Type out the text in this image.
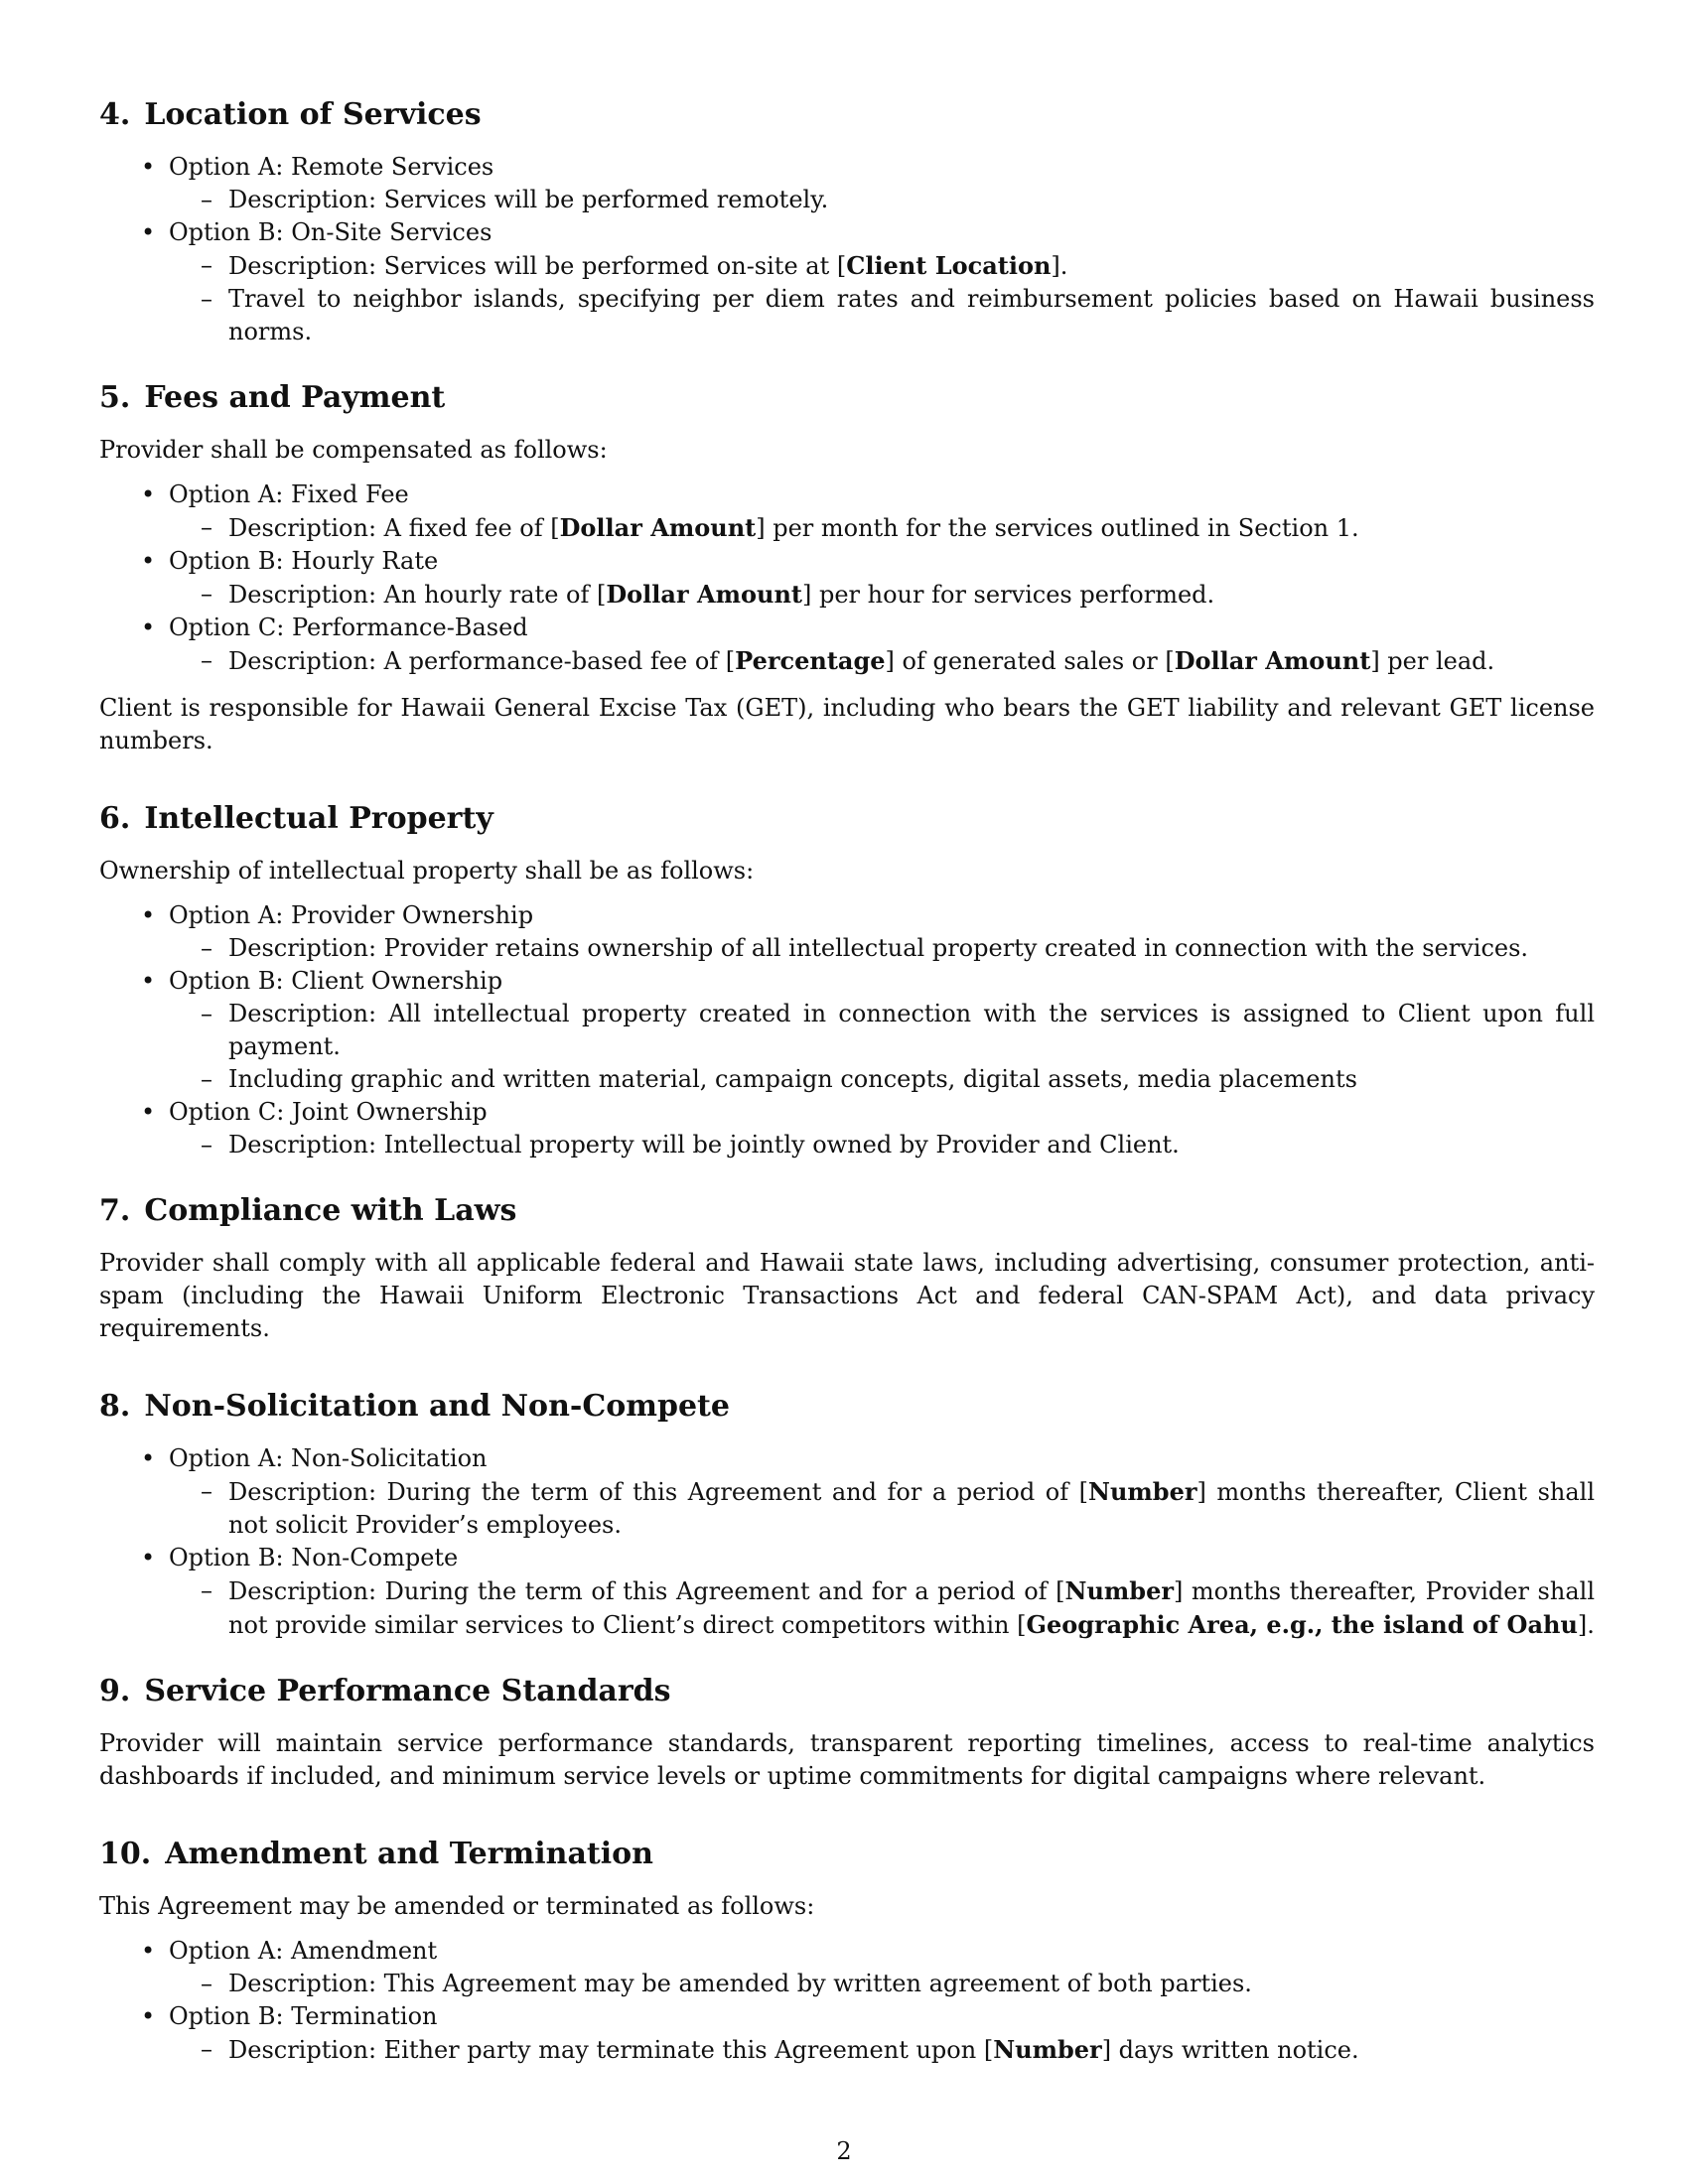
4. Location of Services
• Option A: Remote Services
– Description: Services will be performed remotely.
• Option B: On-Site Services
– Description: Services will be performed on-site at [Client Location].
– Travel to neighbor islands, specifying per diem rates and reimbursement policies based on Hawaii business norms.
5. Fees and Payment

Provider shall be compensated as follows:

• Option A: Fixed Fee
– Description: A fixed fee of [Dollar Amount] per month for the services outlined in Section 1.
• Option B: Hourly Rate
– Description: An hourly rate of [Dollar Amount] per hour for services performed.
• Option C: Performance-Based
– Description: A performance-based fee of [Percentage] of generated sales or [Dollar Amount] per lead.

Client is responsible for Hawaii General Excise Tax (GET), including who bears the GET liability and relevant GET license numbers.

6. Intellectual Property

Ownership of intellectual property shall be as follows:

• Option A: Provider Ownership
– Description: Provider retains ownership of all intellectual property created in connection with the services.
• Option B: Client Ownership
– Description: All intellectual property created in connection with the services is assigned to Client upon full payment.
– Including graphic and written material, campaign concepts, digital assets, media placements
• Option C: Joint Ownership
– Description: Intellectual property will be jointly owned by Provider and Client.
7. Compliance with Laws

Provider shall comply with all applicable federal and Hawaii state laws, including advertising, consumer protection, anti-spam (including the Hawaii Uniform Electronic Transactions Act and federal CAN-SPAM Act), and data privacy requirements.

8. Non-Solicitation and Non-Compete
• Option A: Non-Solicitation
– Description: During the term of this Agreement and for a period of [Number] months thereafter, Client shall not solicit Provider’s employees.
• Option B: Non-Compete
– Description: During the term of this Agreement and for a period of [Number] months thereafter, Provider shall not provide similar services to Client’s direct competitors within [Geographic Area, e.g., the island of Oahu].
9. Service Performance Standards

Provider will maintain service performance standards, transparent reporting timelines, access to real-time analytics dashboards if included, and minimum service levels or uptime commitments for digital campaigns where relevant.

10. Amendment and Termination

This Agreement may be amended or terminated as follows:

• Option A: Amendment
– Description: This Agreement may be amended by written agreement of both parties.
• Option B: Termination
– Description: Either party may terminate this Agreement upon [Number] days written notice.
2
